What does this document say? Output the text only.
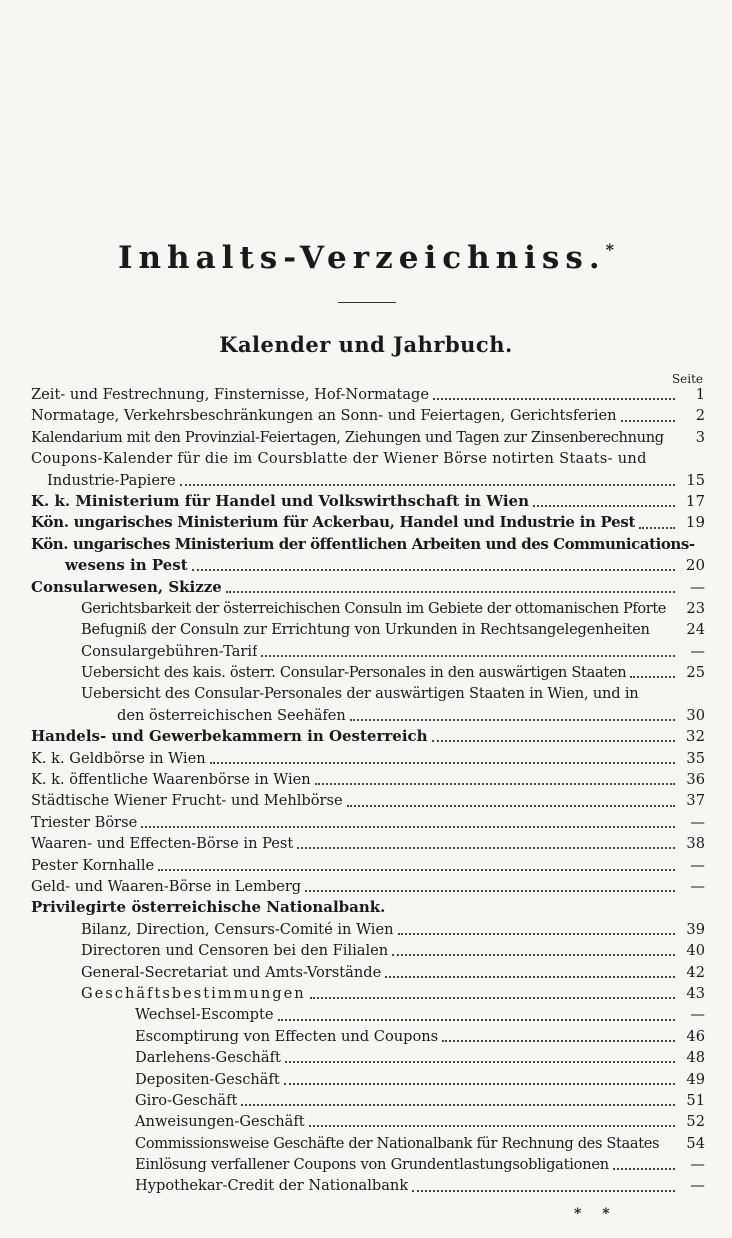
Inhalts-Verzeichniss.*
Kalender und Jahrbuch.
Seite
Zeit- und Festrechnung, Finsternisse, Hof-Normatage	1
Normatage, Verkehrsbeschränkungen an Sonn- und Feiertagen, Gerichtsferien	2
Kalendarium mit den Provinzial-Feiertagen, Ziehungen und Tagen zur Zinsenberechnung	3
Coupons-Kalender für die im Coursblatte der Wiener Börse notirten Staats- und
Industrie-Papiere	15
K. k. Ministerium für Handel und Volkswirthschaft in Wien	17
Kön. ungarisches Ministerium für Ackerbau, Handel und Industrie in Pest	19
Kön. ungarisches Ministerium der öffentlichen Arbeiten und des Communications-
wesens in Pest	20
Consularwesen, Skizze	—
Gerichtsbarkeit der österreichischen Consuln im Gebiete der ottomanischen Pforte	23
Befugniß der Consuln zur Errichtung von Urkunden in Rechtsangelegenheiten	24
Consulargebühren-Tarif	—
Uebersicht des kais. österr. Consular-Personales in den auswärtigen Staaten	25
Uebersicht des Consular-Personales der auswärtigen Staaten in Wien, und in
den österreichischen Seehäfen	30
Handels- und Gewerbekammern in Oesterreich	32
K. k. Geldbörse in Wien	35
K. k. öffentliche Waarenbörse in Wien	36
Städtische Wiener Frucht- und Mehlbörse	37
Triester Börse	—
Waaren- und Effecten-Börse in Pest	38
Pester Kornhalle	—
Geld- und Waaren-Börse in Lemberg	—
Privilegirte österreichische Nationalbank.
Bilanz, Direction, Censurs-Comité in Wien	39
Directoren und Censoren bei den Filialen	40
General-Secretariat und Amts-Vorstände	42
Geschäftsbestimmungen	43
Wechsel-Escompte	—
Escomptirung von Effecten und Coupons	46
Darlehens-Geschäft	48
Depositen-Geschäft	49
Giro-Geschäft	51
Anweisungen-Geschäft	52
Commissionsweise Geschäfte der Nationalbank für Rechnung des Staates	54
Einlösung verfallener Coupons von Grundentlastungsobligationen	—
Hypothekar-Credit der Nationalbank	—
* *
